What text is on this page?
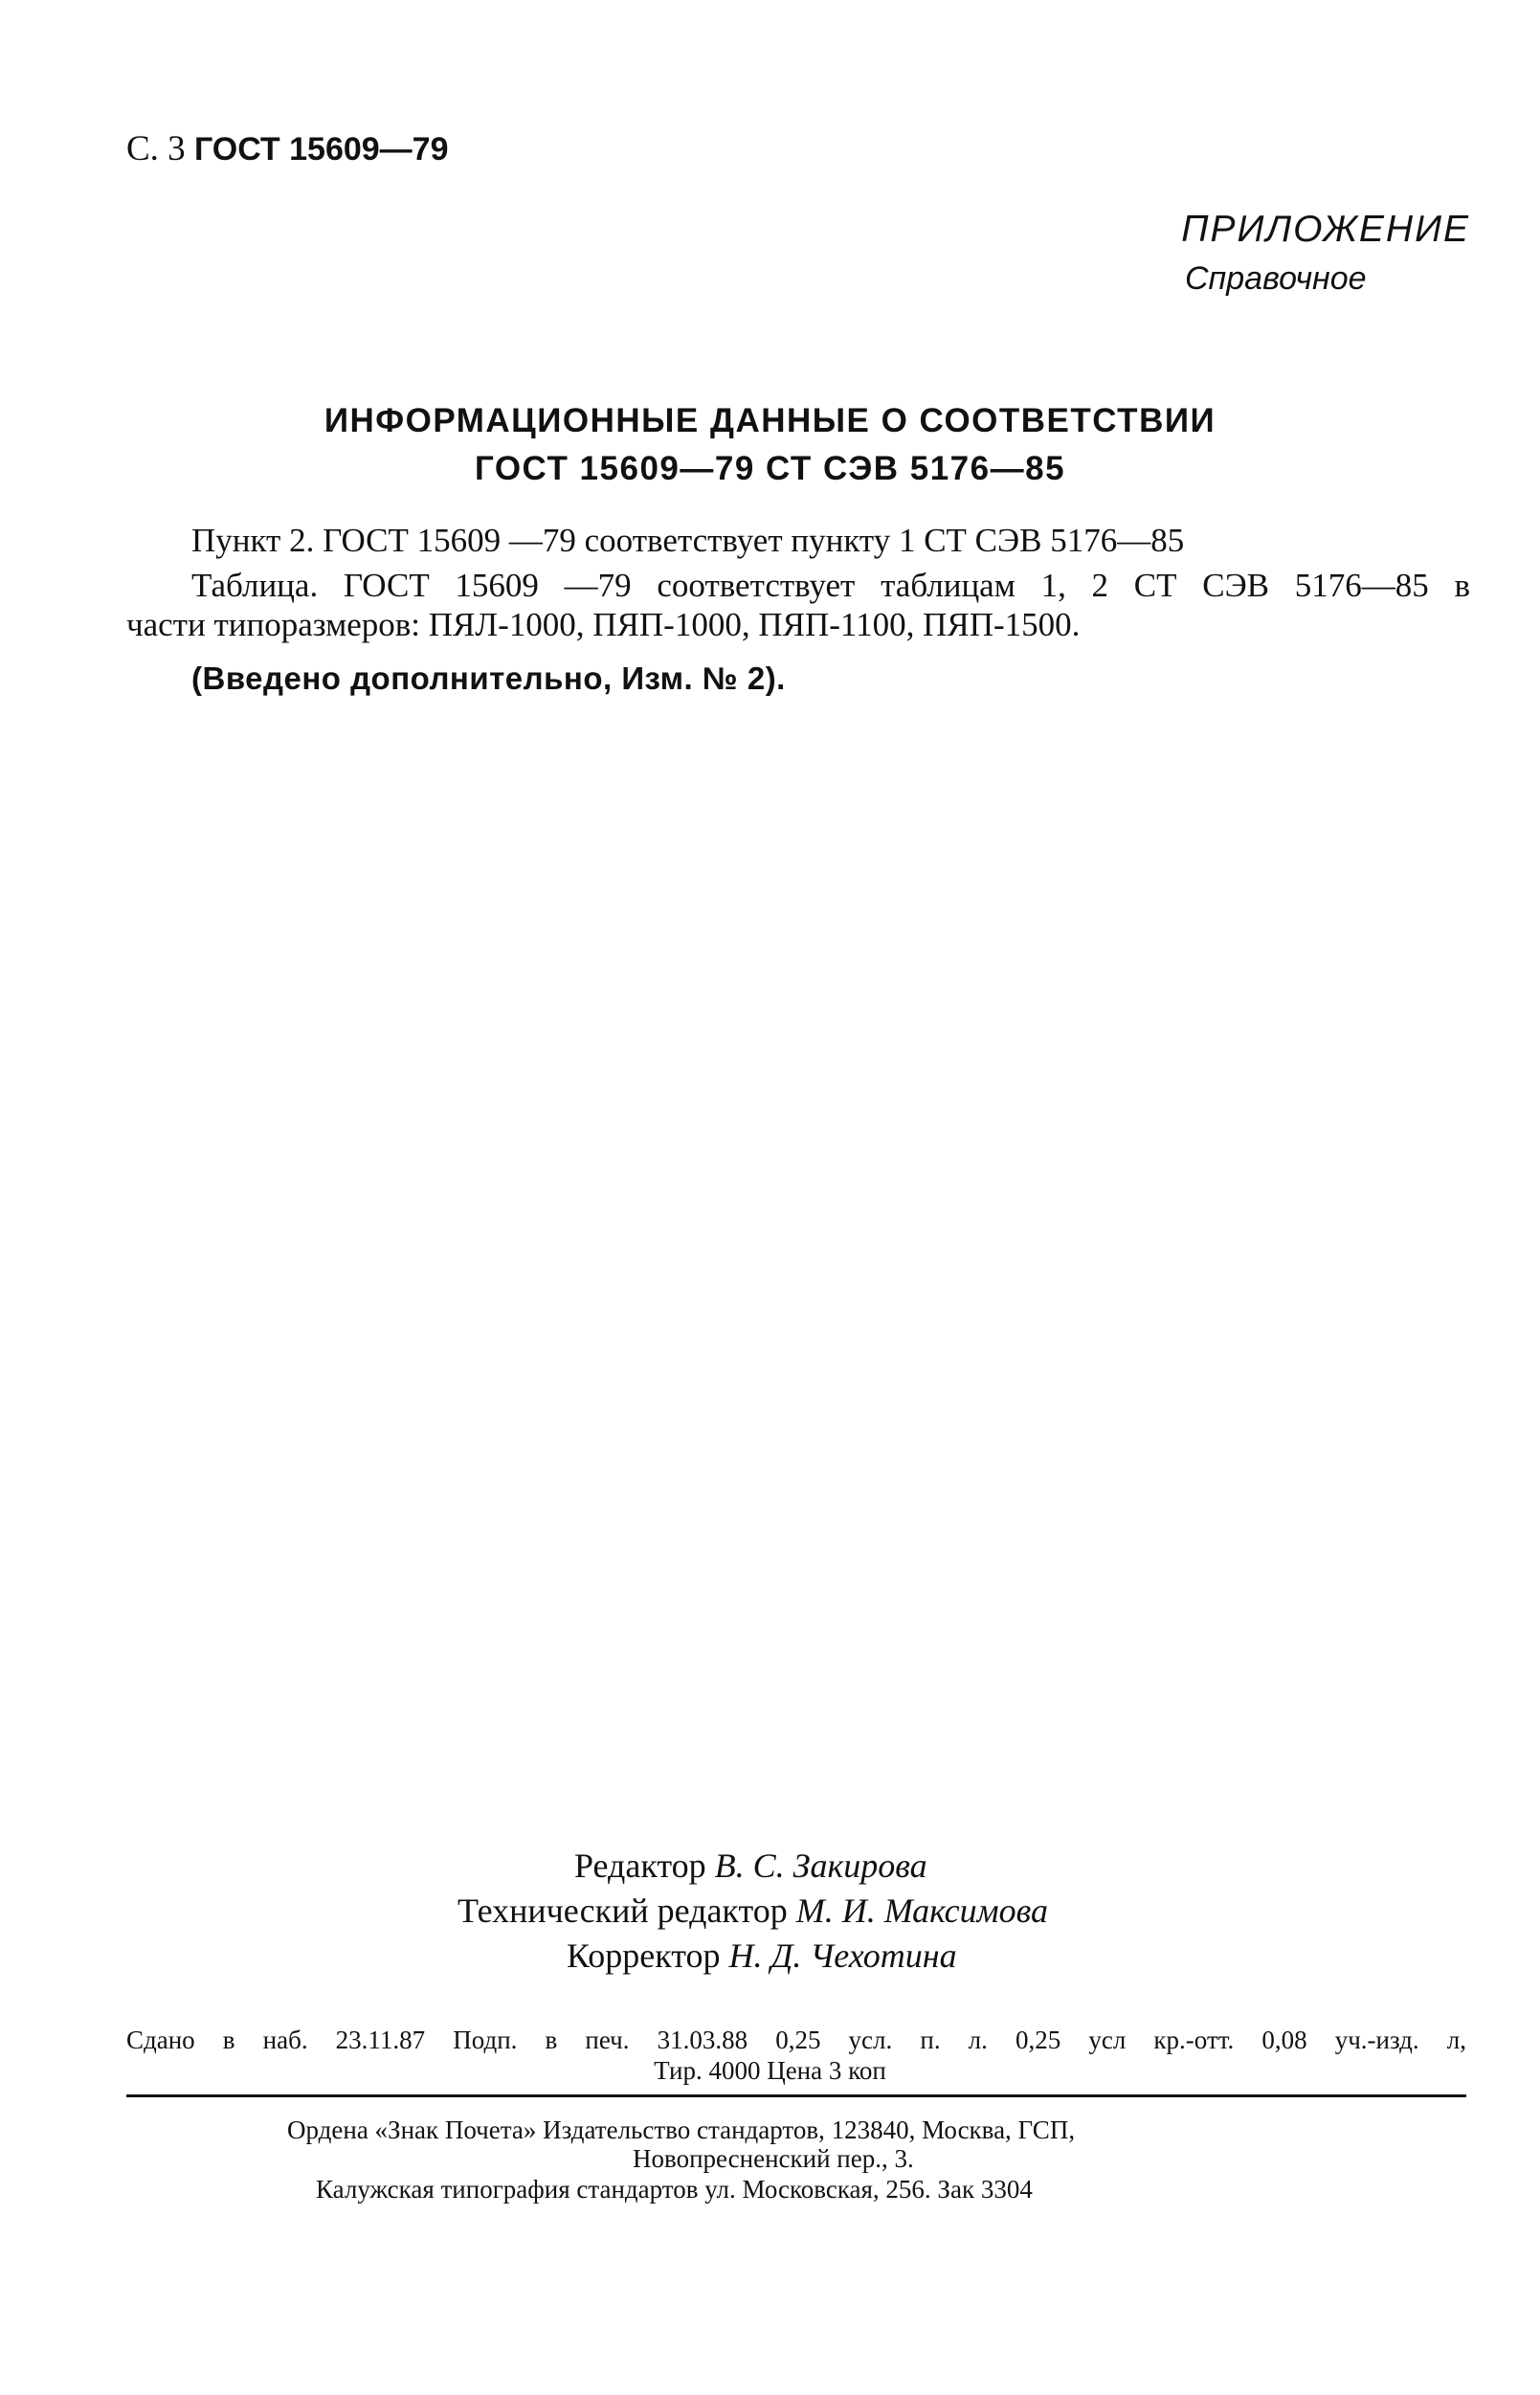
С. 3 ГОСТ 15609—79
ПРИЛОЖЕНИЕ
Справочное
ИНФОРМАЦИОННЫЕ ДАННЫЕ О СООТВЕТСТВИИ
ГОСТ 15609—79 СТ СЭВ 5176—85
Пункт 2. ГОСТ 15609 —79 соответствует пункту 1 СТ СЭВ 5176—85
Таблица. ГОСТ 15609 —79 соответствует таблицам 1, 2 СТ СЭВ 5176—85 в
части типоразмеров: ПЯЛ-1000, ПЯП-1000, ПЯП-1100, ПЯП-1500.
(Введено дополнительно, Изм. № 2).
Редактор В. С. Закирова
Технический редактор М. И. Максимова
Корректор Н. Д. Чехотина
Сдано в наб. 23.11.87 Подп. в печ. 31.03.88 0,25 усл. п. л. 0,25 усл кр.-отт. 0,08 уч.-изд. л,
Тир. 4000 Цена 3 коп
Ордена «Знак Почета» Издательство стандартов, 123840, Москва, ГСП,
Новопресненский пер., 3.
Калужская типография стандартов ул. Московская, 256. Зак 3304
